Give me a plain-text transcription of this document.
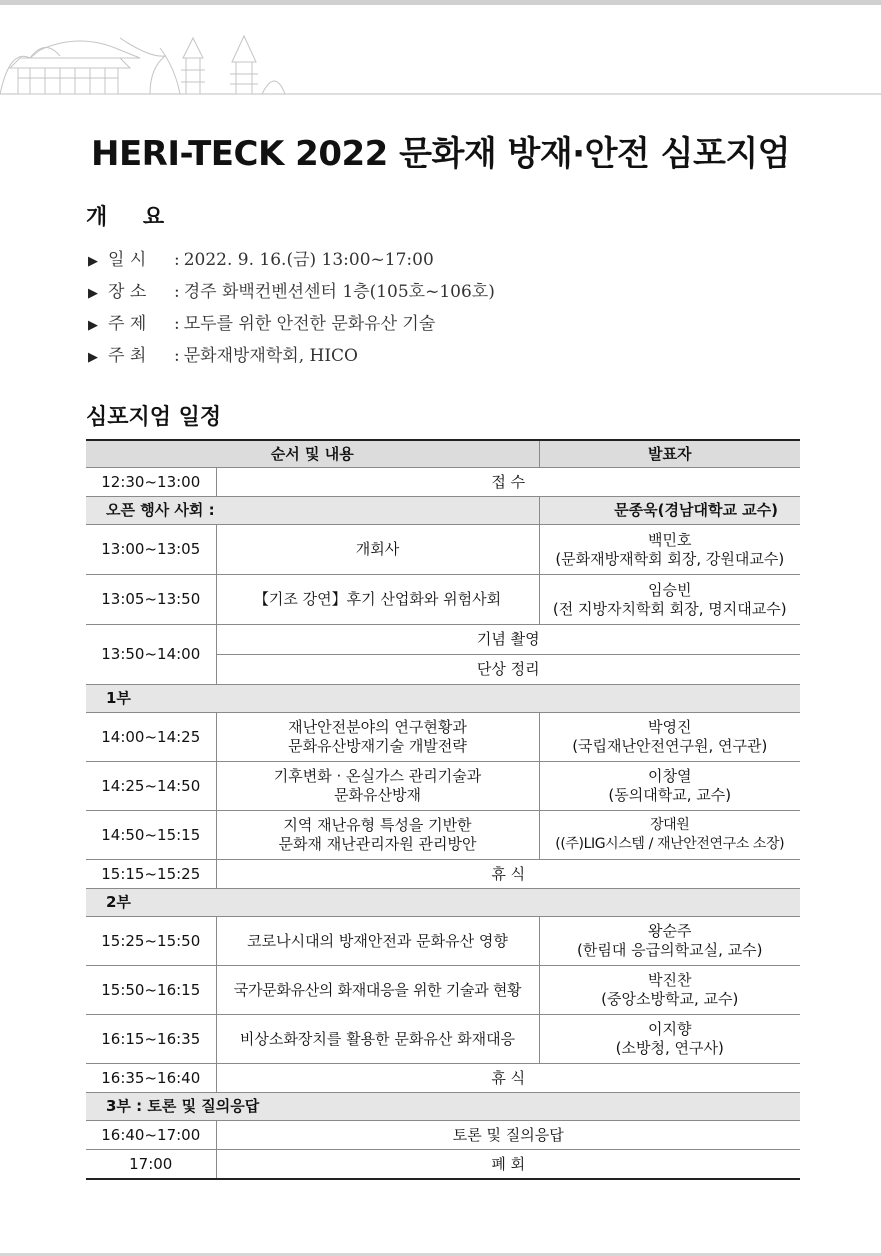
HERI-TECK 2022 문화재 방재·안전 심포지엄
개 요
▶ 일 시 : 2022. 9. 16.(금) 13:00~17:00
▶ 장 소 : 경주 화백컨벤션센터 1층(105호~106호)
▶ 주 제 : 모두를 위한 안전한 문화유산 기술
▶ 주 최 : 문화재방재학회, HICO
심포지엄 일정
순서 및 내용		발표자
12:30~13:00	접 수	
오픈 행사 사회 :		문종욱(경남대학교 교수)
13:00~13:05	개회사	백민호
(문화재방재학회 회장, 강원대교수)

13:05~13:50	【기조 강연】후기 산업화와 위험사회	임승빈
(전 지방자치학회 회장, 명지대교수)

13:50~14:00	기념 촬영	
	단상 정리	
1부		
14:00~14:25	재난안전분야의 연구현황과
문화유산방재기술 개발전략	박영진
(국립재난안전연구원, 연구관)

14:25~14:50	기후변화 · 온실가스 관리기술과
문화유산방재	이창열
(동의대학교, 교수)

14:50~15:15	지역 재난유형 특성을 기반한
문화재 재난관리자원 관리방안	장대원
((주)LIG시스템 / 재난안전연구소 소장)

15:15~15:25	휴 식	
2부		
15:25~15:50	코로나시대의 방재안전과 문화유산 영향	왕순주
(한림대 응급의학교실, 교수)

15:50~16:15	국가문화유산의 화재대응을 위한 기술과 현황	박진찬
(중앙소방학교, 교수)

16:15~16:35	비상소화장치를 활용한 문화유산 화재대응	이지향
(소방청, 연구사)

16:35~16:40	휴 식	
3부 : 토론 및 질의응답		
16:40~17:00	토론 및 질의응답	
17:00	폐 회	
